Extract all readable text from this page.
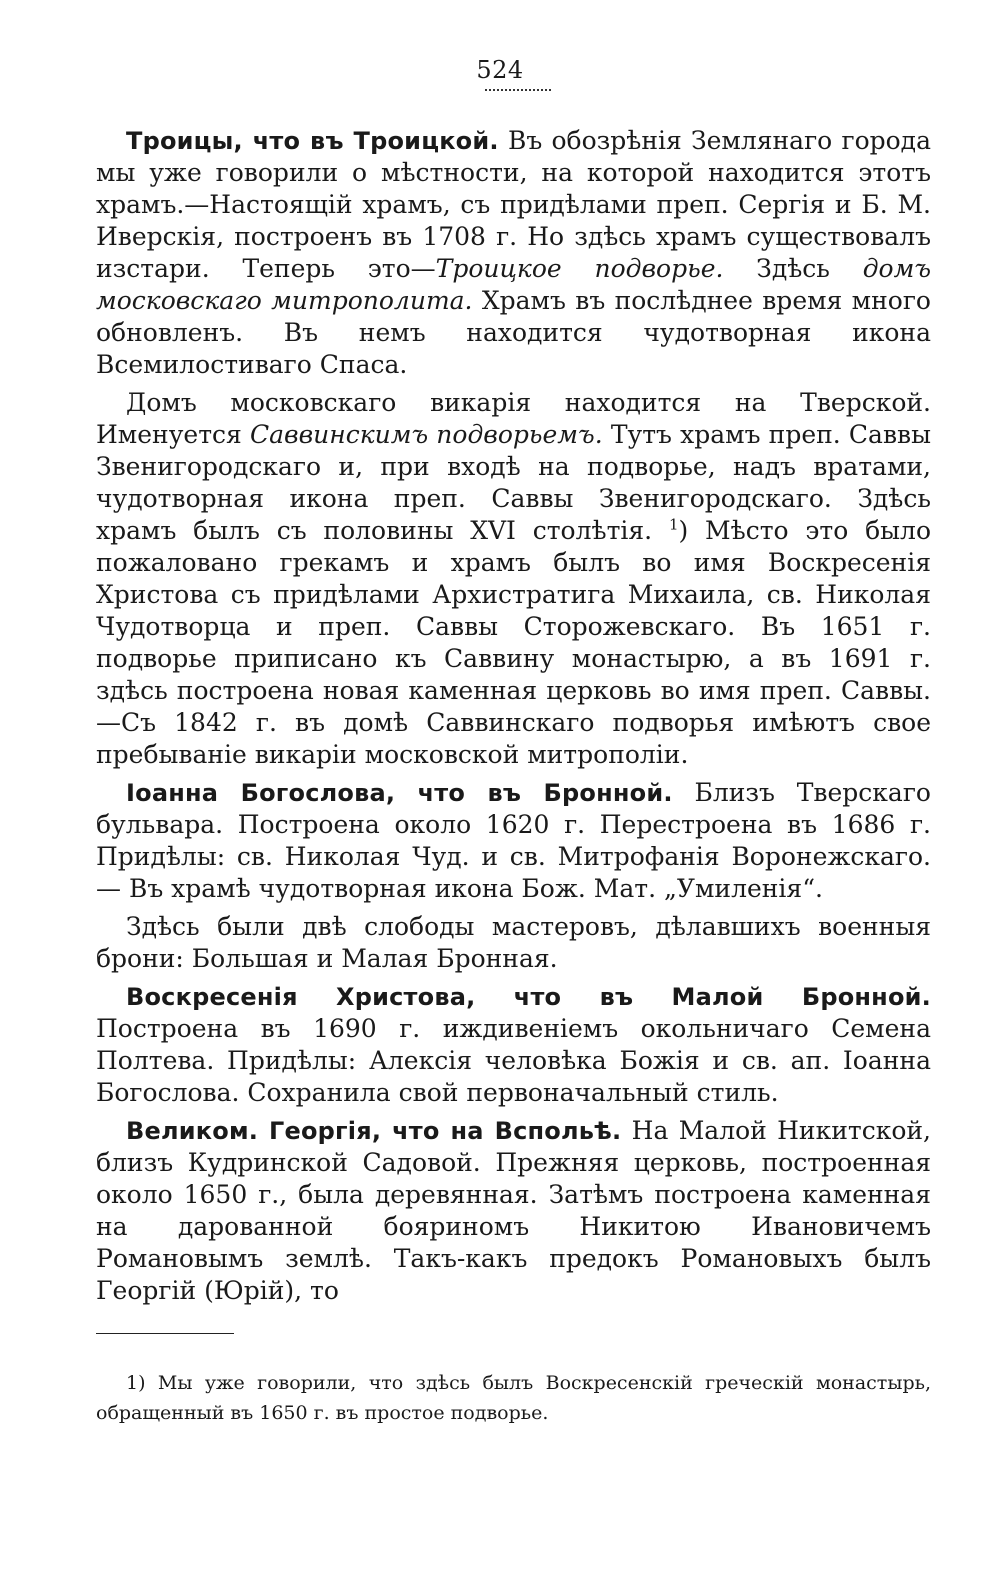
524

Троицы, что въ Троицкой. Въ обозрѣнія Землянаго города мы уже говорили о мѣстности, на которой находится этотъ храмъ.—Настоящій храмъ, съ придѣлами преп. Сергія и Б. М. Иверскія, построенъ въ 1708 г. Но здѣсь храмъ существовалъ изстари. Теперь это—Троицкое подворье. Здѣсь домъ московскаго митрополита. Храмъ въ послѣднее время много обновленъ. Въ немъ находится чудотворная икона Всемилостиваго Спаса.

Домъ московскаго викарія находится на Тверской. Именуется Саввинскимъ подворьемъ. Тутъ храмъ преп. Саввы Звенигородскаго и, при входѣ на подворье, надъ вратами, чудотворная икона преп. Саввы Звенигородскаго. Здѣсь храмъ былъ съ половины XVI столѣтія. $^1$) Мѣсто это было пожаловано грекамъ и храмъ былъ во имя Воскресенія Христова съ придѣлами Архистратига Михаила, св. Николая Чудотворца и преп. Саввы Сторожевскаго. Въ 1651 г. подворье приписано къ Саввину монастырю, а въ 1691 г. здѣсь построена новая каменная церковь во имя преп. Саввы.—Съ 1842 г. въ домѣ Саввинскаго подворья имѣютъ свое пребываніе викаріи московской митрополіи.

Іоанна Богослова, что въ Бронной. Близъ Тверскаго бульвара. Построена около 1620 г. Перестроена въ 1686 г. Придѣлы: св. Николая Чуд. и св. Митрофанія Воронежскаго. — Въ храмѣ чудотворная икона Бож. Мат. „Умиленія“.

Здѣсь были двѣ слободы мастеровъ, дѣлавшихъ военныя брони: Большая и Малая Бронная.

Воскресенія Христова, что въ Малой Бронной. Построена въ 1690 г. иждивеніемъ окольничаго Семена Полтева. Придѣлы: Алексія человѣка Божія и св. ап. Іоанна Богослова. Сохранила свой первоначальный стиль.

Великом. Георгія, что на Вспольѣ. На Малой Никитской, близъ Кудринской Садовой. Прежняя церковь, построенная около 1650 г., была деревянная. Затѣмъ построена каменная на дарованной бояриномъ Никитою Ивановичемъ Романовымъ землѣ. Такъ-какъ предокъ Романовыхъ былъ Георгій (Юрій), то

1) Мы уже говорили, что здѣсь былъ Воскресенскій греческій монастырь, обращенный въ 1650 г. въ простое подворье.
